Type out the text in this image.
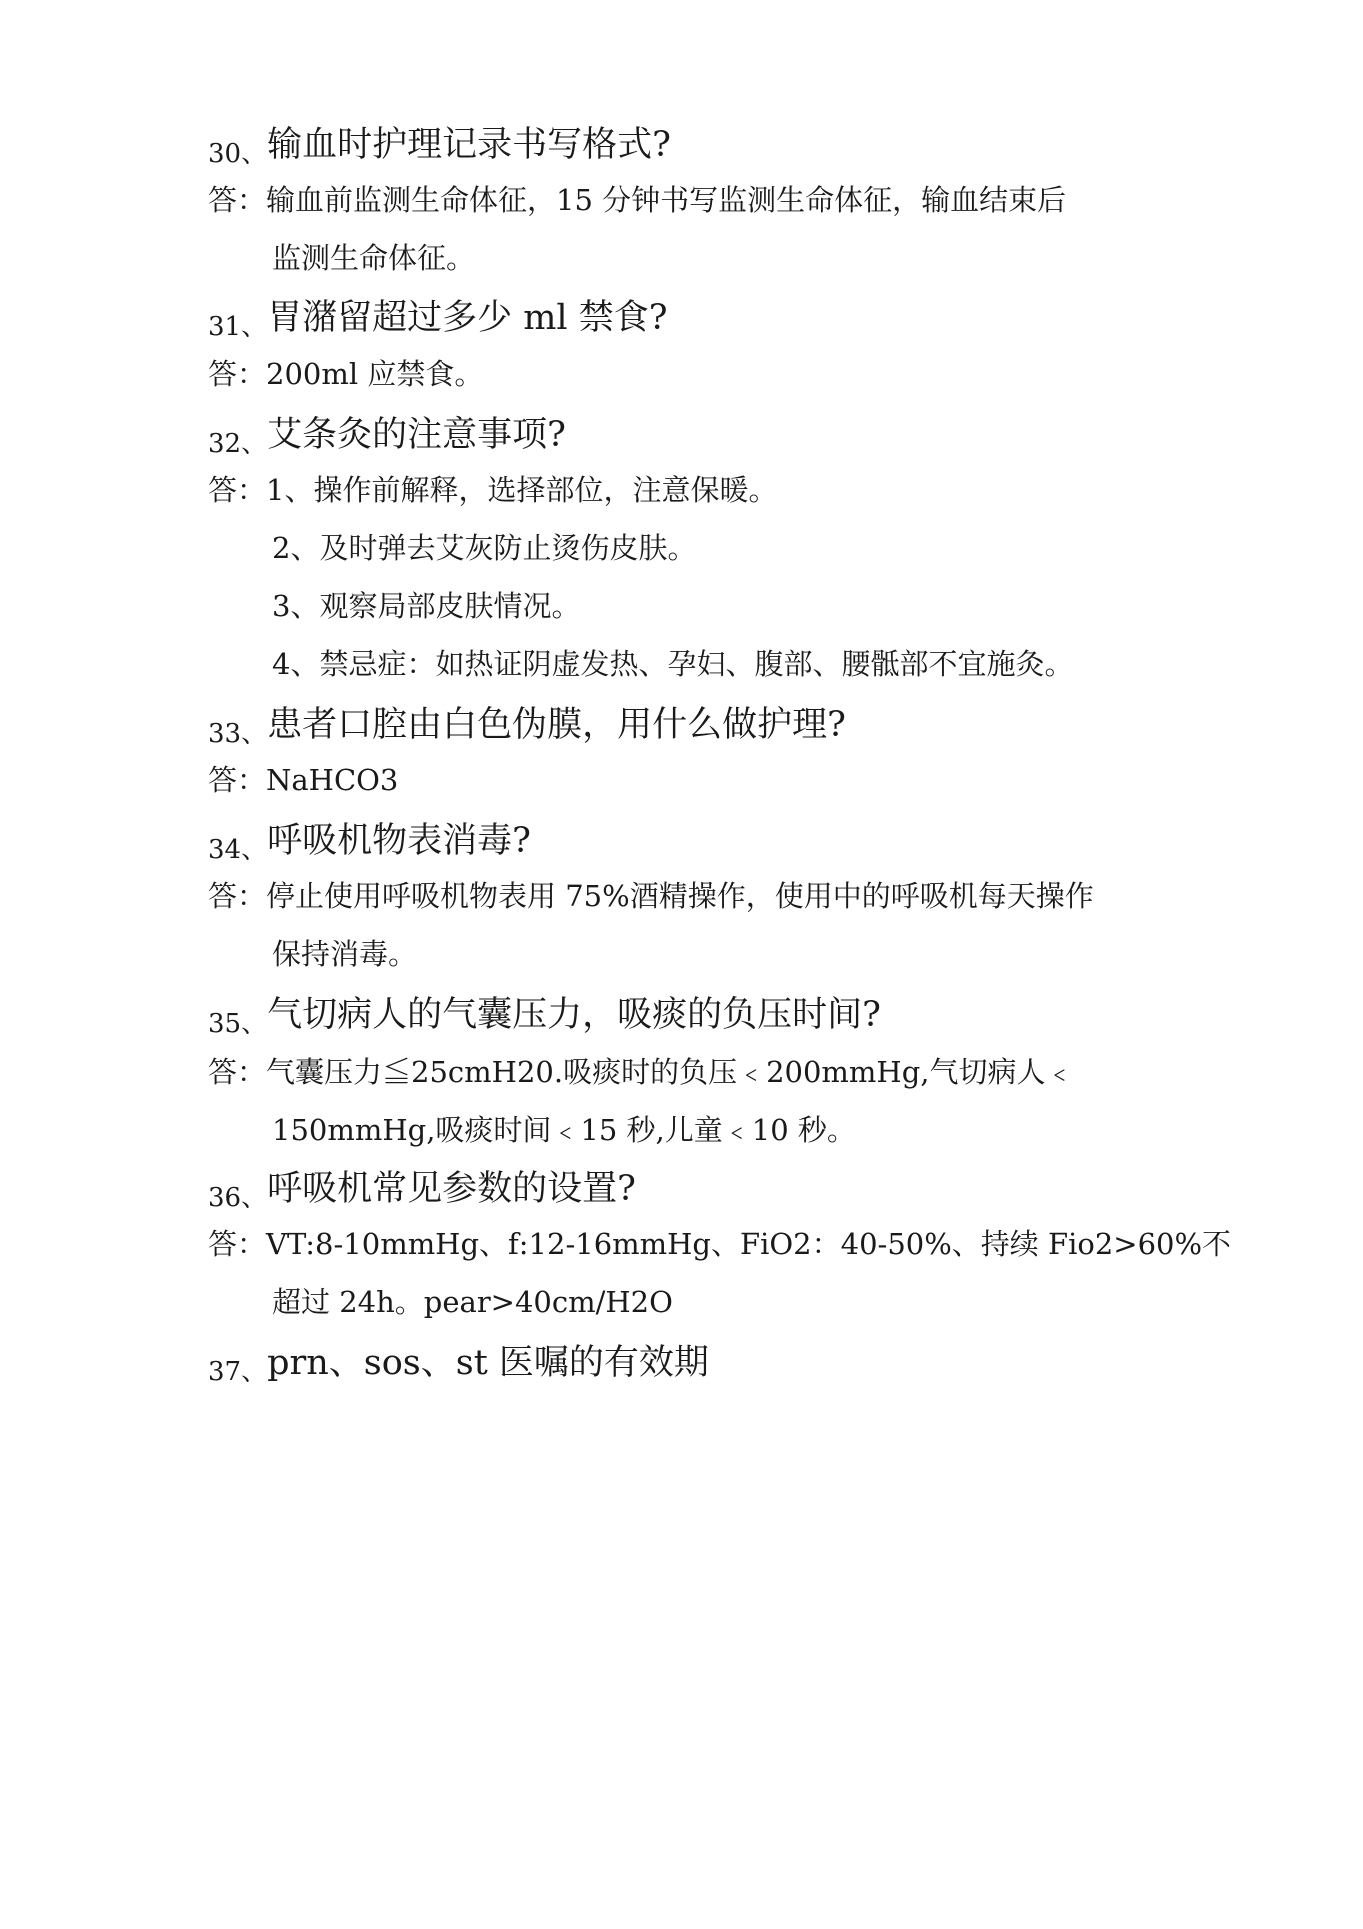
30、输血时护理记录书写格式?
答：输血前监测生命体征，15 分钟书写监测生命体征，输血结束后
监测生命体征。
31、胃潴留超过多少 ml 禁食?
答：200ml 应禁食。
32、艾条灸的注意事项?
答：1、操作前解释，选择部位，注意保暖。
2、及时弹去艾灰防止烫伤皮肤。
3、观察局部皮肤情况。
4、禁忌症：如热证阴虚发热、孕妇、腹部、腰骶部不宜施灸。
33、患者口腔由白色伪膜，用什么做护理?
答：NaHCO3
34、呼吸机物表消毒?
答：停止使用呼吸机物表用 75%酒精操作，使用中的呼吸机每天操作
保持消毒。
35、气切病人的气囊压力，吸痰的负压时间?
答：气囊压力≦25cmH20.吸痰时的负压﹤200mmHg,气切病人﹤
150mmHg,吸痰时间﹤15 秒,儿童﹤10 秒。
36、呼吸机常见参数的设置?
答：VT:8-10mmHg、f:12-16mmHg、FiO2：40-50%、持续 Fio2>60%不
超过 24h。pear>40cm/H2O
37、prn、sos、st 医嘱的有效期
